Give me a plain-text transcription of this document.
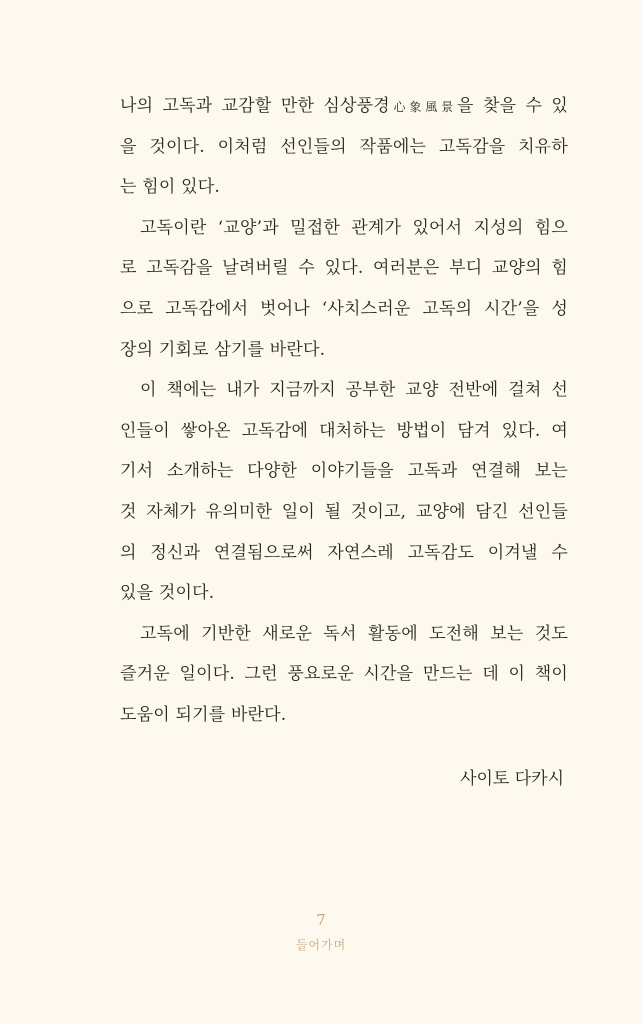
나의 고독과 교감할 만한 심상풍경心象風景을 찾을 수 있
을 것이다. 이처럼 선인들의 작품에는 고독감을 치유하
는 힘이 있다.
고독이란 ‘교양’과 밀접한 관계가 있어서 지성의 힘으
로 고독감을 날려버릴 수 있다. 여러분은 부디 교양의 힘
으로 고독감에서 벗어나 ‘사치스러운 고독의 시간’을 성
장의 기회로 삼기를 바란다.
이 책에는 내가 지금까지 공부한 교양 전반에 걸쳐 선
인들이 쌓아온 고독감에 대처하는 방법이 담겨 있다. 여
기서 소개하는 다양한 이야기들을 고독과 연결해 보는
것 자체가 유의미한 일이 될 것이고, 교양에 담긴 선인들
의 정신과 연결됨으로써 자연스레 고독감도 이겨낼 수
있을 것이다.
고독에 기반한 새로운 독서 활동에 도전해 보는 것도
즐거운 일이다. 그런 풍요로운 시간을 만드는 데 이 책이
도움이 되기를 바란다.
사이토 다카시
7
들어가며
